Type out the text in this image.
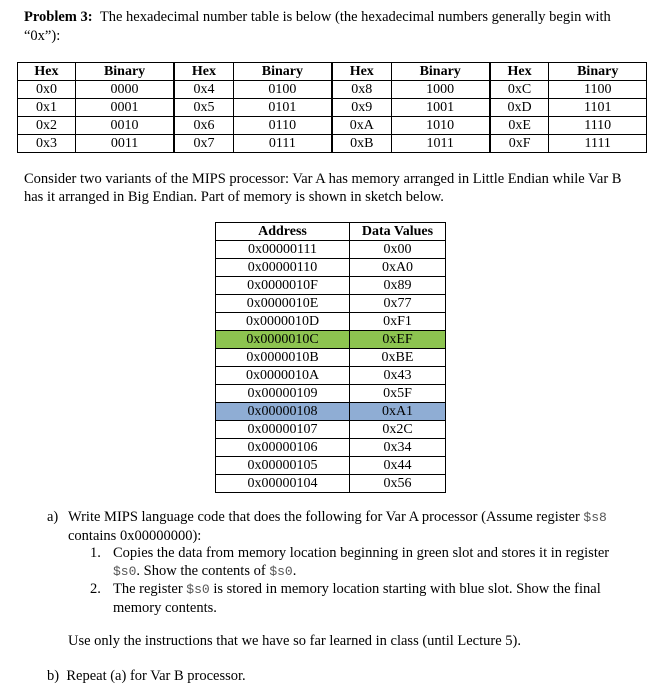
Problem 3: The hexadecimal number table is below (the hexadecimal numbers generally begin with “0x”):

Hex	Binary	Hex	Binary	Hex	Binary	Hex	Binary
0x0	0000	0x4	0100	0x8	1000	0xC	1100
0x1	0001	0x5	0101	0x9	1001	0xD	1101
0x2	0010	0x6	0110	0xA	1010	0xE	1110
0x3	0011	0x7	0111	0xB	1011	0xF	1111

Consider two variants of the MIPS processor: Var A has memory arranged in Little Endian while Var B has it arranged in Big Endian. Part of memory is shown in sketch below.

Address	Data Values
0x00000111	0x00
0x00000110	0xA0
0x0000010F	0x89
0x0000010E	0x77
0x0000010D	0xF1
0x0000010C	0xEF
0x0000010B	0xBE
0x0000010A	0x43
0x00000109	0x5F
0x00000108	0xA1
0x00000107	0x2C
0x00000106	0x34
0x00000105	0x44
0x00000104	0x56
a) Write MIPS language code that does the following for Var A processor (Assume register $s8
contains 0x00000000):
1. Copies the data from memory location beginning in green slot and stores it in register
$s0. Show the contents of $s0.
2. The register $s0 is stored in memory location starting with blue slot. Show the final memory contents.
Use only the instructions that we have so far learned in class (until Lecture 5).
b) Repeat (a) for Var B processor.
